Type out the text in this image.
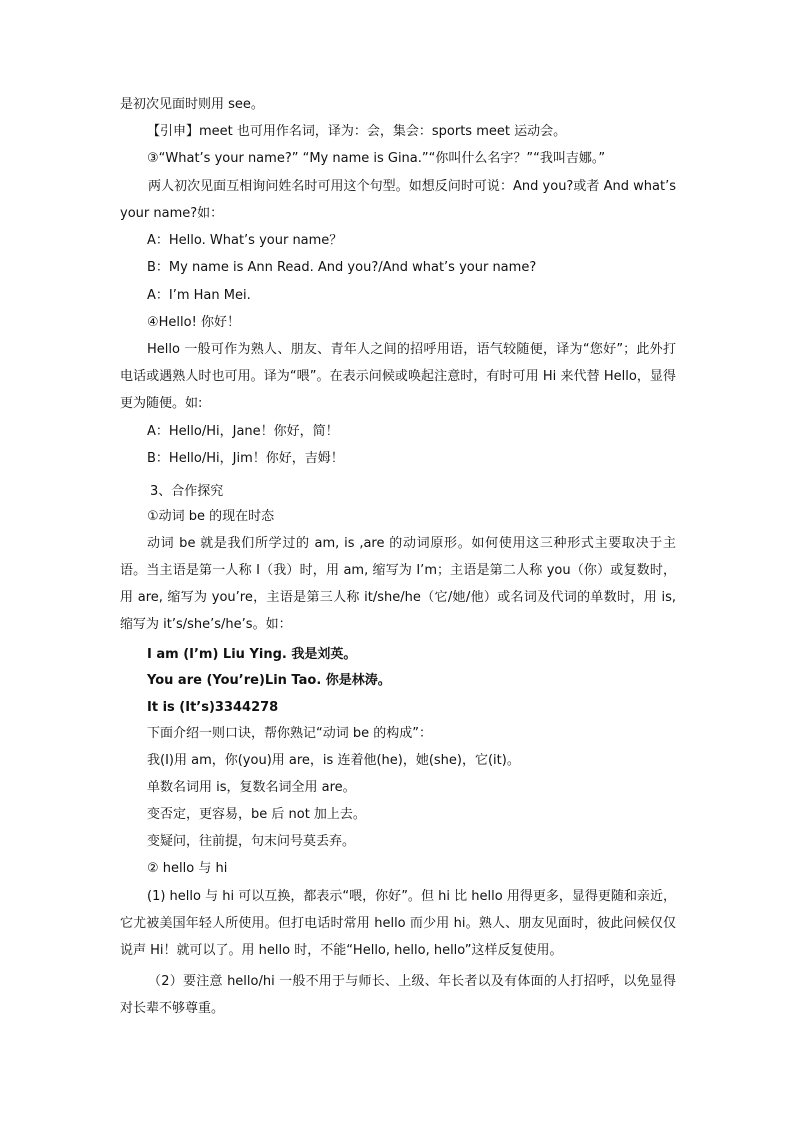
是初次见面时则用 see。

【引申】meet 也可用作名词，译为：会，集会：sports meet 运动会。

③“What’s your name?” “My name is Gina.”“你叫什么名字？”“我叫吉娜。”

两人初次见面互相询问姓名时可用这个句型。如想反问时可说：And you?或者 And what’s your name?如：

A：Hello. What’s your name？

B：My name is Ann Read. And you?/And what’s your name?

A：I’m Han Mei.

④Hello! 你好！

Hello 一般可作为熟人、朋友、青年人之间的招呼用语，语气较随便，译为“您好”；此外打电话或遇熟人时也可用。译为“喂”。在表示问候或唤起注意时，有时可用 Hi 来代替 Hello，显得更为随便。如:

A：Hello/Hi，Jane！你好，简！

B：Hello/Hi，Jim！你好，吉姆！

3、合作探究

①动词 be 的现在时态

动词 be 就是我们所学过的 am, is ,are 的动词原形。如何使用这三种形式主要取决于主语。当主语是第一人称 I（我）时，用 am, 缩写为 I’m；主语是第二人称 you（你）或复数时，用 are, 缩写为 you’re，主语是第三人称 it/she/he（它/她/他）或名词及代词的单数时，用 is, 缩写为 it’s/she’s/he’s。如：

I am (I’m) Liu Ying. 我是刘英。

You are (You’re)Lin Tao. 你是林涛。

It is (It’s)3344278

下面介绍一则口诀，帮你熟记“动词 be 的构成”：

我(I)用 am，你(you)用 are，is 连着他(he)，她(she)，它(it)。

单数名词用 is，复数名词全用 are。

变否定，更容易，be 后 not 加上去。

变疑问，往前提，句末问号莫丢弃。

② hello 与 hi

(1) hello 与 hi 可以互换，都表示“喂，你好”。但 hi 比 hello 用得更多，显得更随和亲近，它尤被美国年轻人所使用。但打电话时常用 hello 而少用 hi。熟人、朋友见面时，彼此问候仅仅说声 Hi！就可以了。用 hello 时，不能“Hello, hello, hello”这样反复使用。

（2）要注意 hello/hi 一般不用于与师长、上级、年长者以及有体面的人打招呼，以免显得对长辈不够尊重。
